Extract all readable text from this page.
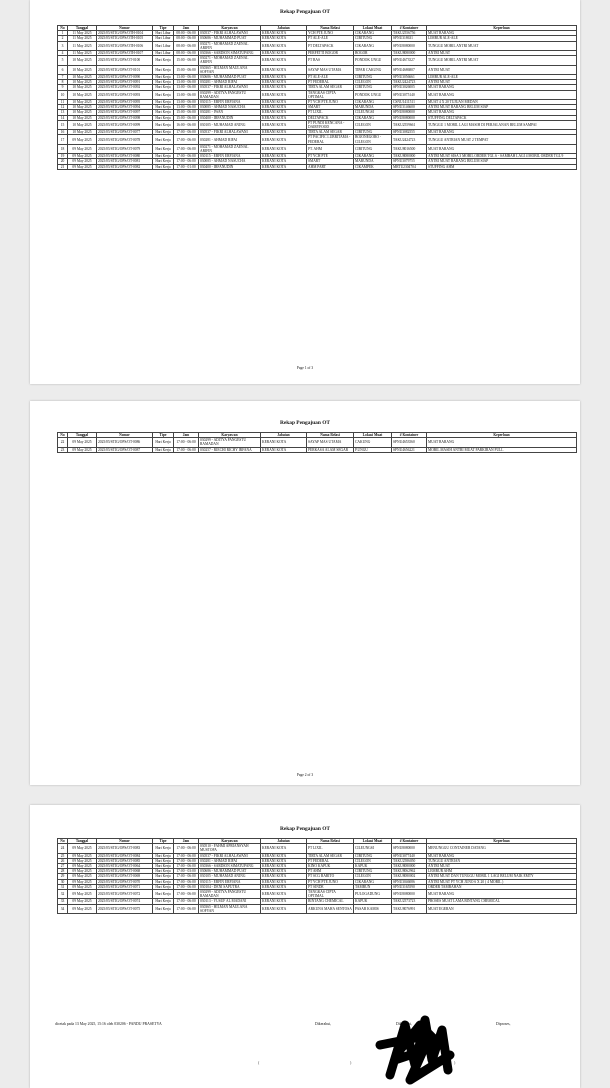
Rekap Pengajuan OT
No	Tanggal	Nomor	Tipe	Jam	Karyawan	Jabatan	Nama Relasi	Lokasi Muat	# Kontainer	Keperluan
1	11 May 2025	2025/05/STIG/OPS/OTH-0104	Hari Libur	08:00 - 06:00	030537 - FIKRI ALHALAWANI	KERANI KOTA	YCH PTE JUNO	CIKARANG	TAKU2556756	MUAT BARANG
2	11 May 2025	2025/05/STIG/OPS/OTH-0105	Hari Libur	08:00 - 06:00	030686 - MUHAMMAD PUAT	KERANI KOTA	PT ALE-ALE	CIBITUNG	SPNU318631	LIMBUR ALE-ALE
3	11 May 2025	2025/05/STIG/OPS/OTH-0106	Hari Libur	08:00 - 06:00	030271 - MOHAMAD ZAENAL ARIFIN	KERANI KOTA	PT DELTAPACK	CIKARANG	SPNU8080000	TUNGGU MOBIL ANTRI MUAT
4	11 May 2025	2025/05/STIG/OPS/OTH-0107	Hari Libur	08:00 - 06:00	030366 - SARDION SIMATUPANG	KERANI KOTA	PERFETTI BOGOR	BOGOR	TAKU8080000	ANTRI MUAT
5	10 May 2025	2025/05/STIG/OPS/OT-0100	Hari Kerja	15:00 - 06:00	030271 - MOHAMAD ZAENAL ARIFIN	KERANI KOTA	PT BAS	PONDOK UNGU	SPNU4673527	TUNGGU MOBIL ANTRI MUAT
6	10 May 2025	2025/05/STIG/OPS/OT-0101	Hari Kerja	15:00 - 06:00	030365 - HILMAN MAULANA SOFYAN	KERANI KOTA	SAYAP MAS UTAMA	TIPAR CAKUNG	SPNU4686807	ANTRI MUAT
7	10 May 2025	2025/05/STIG/OPS/OT-0090	Hari Kerja	13:00 - 06:00	030686 - MUHAMMAD PUAT	KERANI KOTA	PT ALE-ALE	CIBITUNG	SPNU3056661	LIMBUR ALE-ALE
8	10 May 2025	2025/05/STIG/OPS/OT-0091	Hari Kerja	13:00 - 06:00	030281 - AHMAD RIFAI	KERANI KOTA	PT FEDERAL	CILEGON	TAKU2424723	ANTRI MUAT
9	10 May 2025	2025/05/STIG/OPS/OT-0092	Hari Kerja	13:00 - 06:00	030537 - FIKRI ALHALAWANI	KERANI KOTA	TIRTA ALAM SEGAR	CIBITUNG	SPNU3026005	MUAT BARANG
10	10 May 2025	2025/05/STIG/OPS/OT-0093	Hari Kerja	13:00 - 06:00	030299 - ADITYA PANGESTU RAMADAN	KERANI KOTA	TANGKAS CIPTA OPTIMAL	PONDOK UNGU	SPNU3075140	MUAT BARANG
11	10 May 2025	2025/05/STIG/OPS/OT-0095	Hari Kerja	13:00 - 06:00	030115 - ERFIN ERFIANA	KERANI KOTA	PT YCH PTE JUNO	CIKARANG	CSNU1411511	MUAT 4 X 20 TUJUAN MEDAN
12	10 May 2025	2025/05/STIG/OPS/OT-0094	Hari Kerja	13:00 - 06:00	030085 - AHMAD NASUCHA	KERANI KOTA	SMART	MARUNDA	SPNU3146600	ANTRI MUAT BARANG BELUM SIAP
13	10 May 2025	2025/05/STIG/OPS/OT-0097	Hari Kerja	15:00 - 06:00	030281 - IWAN	KERANI KOTA	PT LIXIL	CILEUNGSI	SPNU8080000	MUAT BARANG
14	10 May 2025	2025/05/STIG/OPS/OT-0098	Hari Kerja	15:00 - 06:00	030400 - IRFANUDIN	KERANI KOTA	DELTAPACK	CIKARANG	SPNU8080000	STUFFING DELTAPACK
15	10 May 2025	2025/05/STIG/OPS/OT-0099	Hari Kerja	16:00 - 06:00	030105 - MUHAMAD ANING	KERANI KOTA	PT PUNDI KENCANA - DAIRYFOOD	CILEGON	TAKU2559661	TUNGGU 1 MOBIL LAGI MASIH DI PERJALANAN BELUM SAMPAI
16	10 May 2025	2025/05/STIG/OPS/OT-0077	Hari Kerja	17:00 - 06:00	030537 - FIKRI ALHALAWANI	KERANI KOTA	TIRTA ALAM SEGAR	CIBITUNG	SPNU3082555	MUAT BARANG
17	09 May 2025	2025/05/STIG/OPS/OT-0078	Hari Kerja	17:00 - 06:00	030281 - AHMAD RIFAI	KERANI KOTA	PT PACIFIC LUBRITAMA - FEDERAL	BOJONEGORO - CILEGON	TAKU2424723	TUNGGU ANTRIAN MUAT 2 TEMPAT
18	09 May 2025	2025/05/STIG/OPS/OT-0079	Hari Kerja	17:00 - 06:00	030271 - MOHAMAD ZAENAL ARIFIN	KERANI KOTA	PT. AHM	CIBITUNG	TAKU8016500	MUAT BARANG
19	09 May 2025	2025/05/STIG/OPS/OT-0080	Hari Kerja	17:00 - 06:00	030115 - ERFIN ERFIANA	KERANI KOTA	PT YCH PTE	CIKARANG	TAKU8080000	ANTRI MUAT SISA 3 MOBIL ORDER TGL 6 - SAMBAH LAGI 4 MOBIL ORDER TGL 9
20	09 May 2025	2025/05/STIG/OPS/OT-0081	Hari Kerja	17:00 - 06:00	030085 - AHMAD NASUCHA	KERANI KOTA	SMART	MARUNDA	SPNU3079755	ANTRI MUAT BARANG BELUM SIAP
21	09 May 2025	2025/05/STIG/OPS/OT-0082	Hari Kerja	17:00 - 01:00	030400 - IRFANUDIN	KERANI KOTA	AHM PART	CIKAMPEK	MRTU2304704	STUFFING AHM
Page 1 of 3
Rekap Pengajuan OT
No	Tanggal	Nomor	Tipe	Jam	Karyawan	Jabatan	Nama Relasi	Lokasi Muat	# Kontainer	Keperluan
22	09 May 2025	2025/05/STIG/OPS/OT-0086	Hari Kerja	17:00 - 06:00	030299 - ADITYA PANGESTU RAMADAN	KERANI KOTA	SAYAP MAS UTAMA	CAKUNG	SPNU4653560	MUAT BARANG
23	09 May 2025	2025/05/STIG/OPS/OT-0087	Hari Kerja	17:00 - 06:00	030257 - RIECHI RICHY IRFANA	KERANI KOTA	PERKASA ALAM SEGAR	P.UNGU	SPNU4656221	MOBIL MASIH ANTRI MUAT PARKIRAN FULL
Page 2 of 3
Rekap Pengajuan OT
No	Tanggal	Nomor	Tipe	Jam	Karyawan	Jabatan	Nama Relasi	Lokasi Muat	# Kontainer	Keperluan
24	09 May 2025	2025/05/STIG/OPS/OT-0083	Hari Kerja	17:00 - 06:00	030510 - FAHMI APRIANSYAH MUSTOFA	KERANI KOTA	PT LIXIL	CILEUNGSI	SPNU8080000	MENUNGGU CONTAINER DATANG
25	09 May 2025	2025/05/STIG/OPS/OT-0084	Hari Kerja	17:00 - 06:00	030537 - FIKRI ALHALAWANI	KERANI KOTA	TIRTA ALAM SEGAR	CIBITUNG	SPNU3077440	MUAT BARANG
26	09 May 2025	2025/05/STIG/OPS/OT-0085	Hari Kerja	17:00 - 06:00	030281 - AHMAD RIFAI	KERANI KOTA	PT FEDERAL	CILEGON	TAKU2586050	TUNGGU ANTRIAN
27	09 May 2025	2025/05/STIG/OPS/OT-0064	Hari Kerja	17:00 - 06:00	030366 - SARDION SIMATUPANG	KERANI KOTA	KINO KAPUK	KAPUK	TAKU8080000	ANTRI MUAT
28	09 May 2025	2025/05/STIG/OPS/OT-0068	Hari Kerja	17:00 - 03:00	030686 - MUHAMMAD PUAT	KERANI KOTA	PT AHM	CIBITUNG	TAKU8062962	LEMBUR AHM
29	09 May 2025	2025/05/STIG/OPS/OT-0069	Hari Kerja	17:00 - 06:00	030105 - MUHAMAD ANING	KERANI KOTA	PT SCG BARITO	CILEGON	TAKU8080002	ANTRI MUAT DAN TUNGGU MOBIL 1 LAGI BELUM NAIK EMTY
30	09 May 2025	2025/05/STIG/OPS/OT-0070	Hari Kerja	17:00 - 06:00	030115 - ERFIN ERFIANA	KERANI KOTA	PT YCH PTE JUNO	CIKARANG	SPNU3046086	ANTRI MUAT PT YCH JUNO 6 X 20 ( 4 MOBIL )
31	09 May 2025	2025/05/STIG/OPS/OT-0071	Hari Kerja	17:00 - 06:00	030104 - DENI SAPUTRA	KERANI KOTA	PT SINDE	TAMBUN	SPNU3165590	ORDER TAMBAHAN
32	09 May 2025	2025/05/STIG/OPS/OT-0072	Hari Kerja	17:00 - 06:00	030299 - ADITYA PANGESTU RAMADAN	KERANI KOTA	TANGKAS CIPTA OPTIMAL	PULOGADUNG	SPNU8080000	MUAT BARANG
33	09 May 2025	2025/05/STIG/OPS/OT-0074	Hari Kerja	17:00 - 06:00	030113 - YUSUF AL MADANI	KERANI KOTA	BINTANG CHEMICAL	KAPUK	TAKU2573723	PROSES MUAT LAMA BINTANG CHEMICAL
34	09 May 2025	2025/05/STIG/OPS/OT-0075	Hari Kerja	17:00 - 06:00	030365 - HILMAN MAULANA SOFYAN	KERANI KOTA	ARKUNA MAHA SENTOSA	PASAR KAMIS	TAKU8076991	MUAT EGERAN
dicetak pada 13 May 2025, 15:16 oleh 030206 - PANDU PRASETYA	Dikerahui,	Diketahui,	Diproses,
(	)	(	)
